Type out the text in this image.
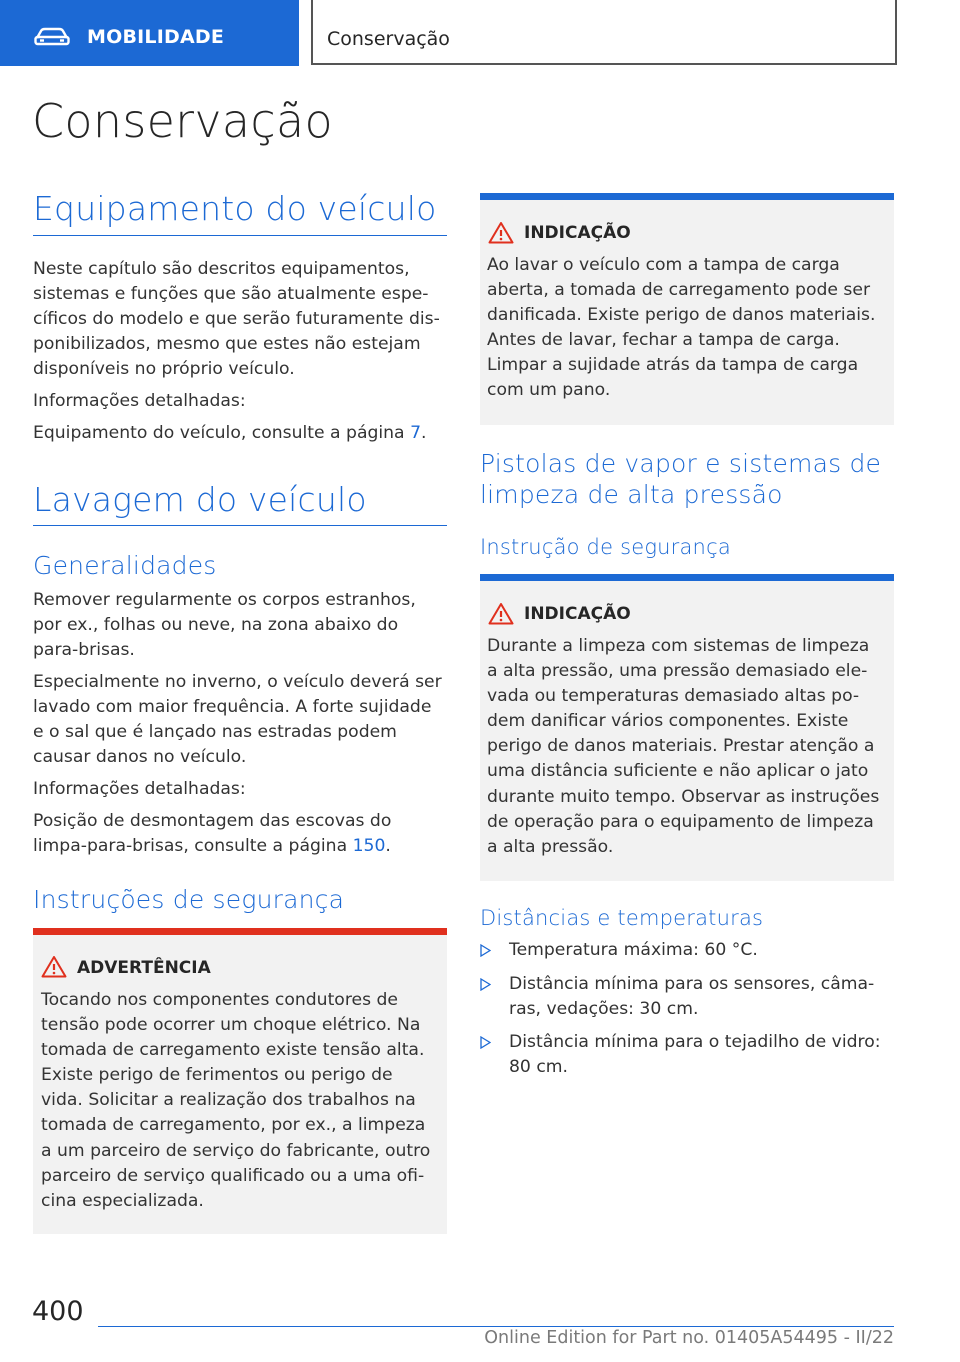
MOBILIDADE	Conservação
Conservação
Equipamento do veículo
Neste capítulo são descritos equipamentos,
sistemas e funções que são atualmente espe-
cíficos do modelo e que serão futuramente dis-
ponibilizados, mesmo que estes não estejam
disponíveis no próprio veículo.
Informações detalhadas:
Equipamento do veículo, consulte a página 7.
Lavagem do veículo
Generalidades
Remover regularmente os corpos estranhos,
por ex., folhas ou neve, na zona abaixo do
para-brisas.
Especialmente no inverno, o veículo deverá ser
lavado com maior frequência. A forte sujidade
e o sal que é lançado nas estradas podem
causar danos no veículo.
Informações detalhadas:
Posição de desmontagem das escovas do
limpa-para-brisas, consulte a página 150.
Instruções de segurança
ADVERTÊNCIA
Tocando nos componentes condutores de
tensão pode ocorrer um choque elétrico. Na
tomada de carregamento existe tensão alta.
Existe perigo de ferimentos ou perigo de
vida. Solicitar a realização dos trabalhos na
tomada de carregamento, por ex., a limpeza
a um parceiro de serviço do fabricante, outro
parceiro de serviço qualificado ou a uma ofi-
cina especializada.
INDICAÇÃO
Ao lavar o veículo com a tampa de carga
aberta, a tomada de carregamento pode ser
danificada. Existe perigo de danos materiais.
Antes de lavar, fechar a tampa de carga.
Limpar a sujidade atrás da tampa de carga
com um pano.
Pistolas de vapor e sistemas de
limpeza de alta pressão
Instrução de segurança
INDICAÇÃO
Durante a limpeza com sistemas de limpeza
a alta pressão, uma pressão demasiado ele-
vada ou temperaturas demasiado altas po-
dem danificar vários componentes. Existe
perigo de danos materiais. Prestar atenção a
uma distância suficiente e não aplicar o jato
durante muito tempo. Observar as instruções
de operação para o equipamento de limpeza
a alta pressão.
Distâncias e temperaturas
Temperatura máxima: 60 °C.
Distância mínima para os sensores, câma-
ras, vedações: 30 cm.
Distância mínima para o tejadilho de vidro:
80 cm.
400
Online Edition for Part no. 01405A54495 - II/22
